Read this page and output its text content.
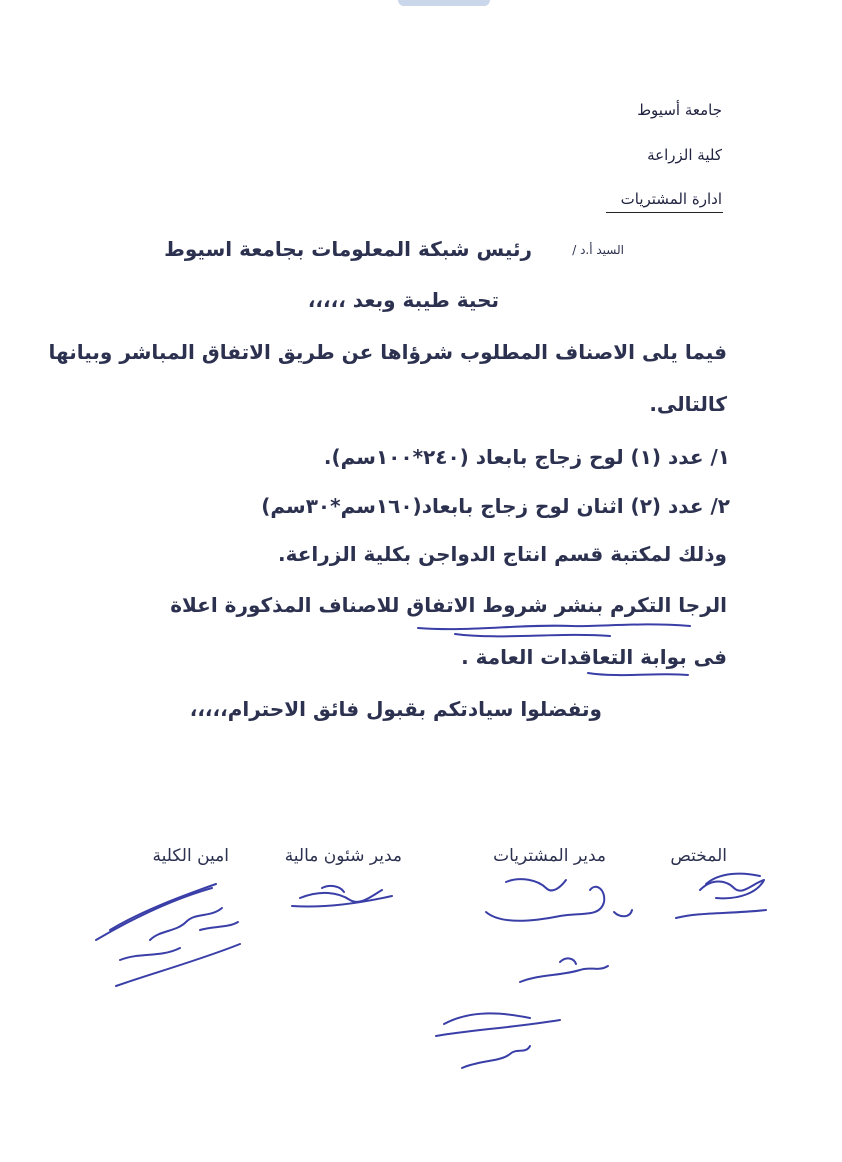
جامعة أسيوط
كلية الزراعة
ادارة المشتريات
السيد أ.د /
رئيس شبكة المعلومات بجامعة اسيوط
تحية طيبة وبعد ،،،،،
فيما يلى الاصناف المطلوب شرؤاها عن طريق الاتفاق المباشر وبيانها
كالتالى.
١/ عدد (١) لوح زجاج بابعاد (٢٤٠*١٠٠سم).
٢/ عدد (٢) اثنان لوح زجاج بابعاد(١٦٠سم*٣٠سم)
وذلك لمكتبة قسم انتاج الدواجن بكلية الزراعة.
الرجا التكرم بنشر شروط الاتفاق للاصناف المذكورة اعلاة
فى بوابة التعاقدات العامة .
وتفضلوا سيادتكم بقبول فائق الاحترام،،،،،
المختص
مدير المشتريات
مدير شئون مالية
امين الكلية
